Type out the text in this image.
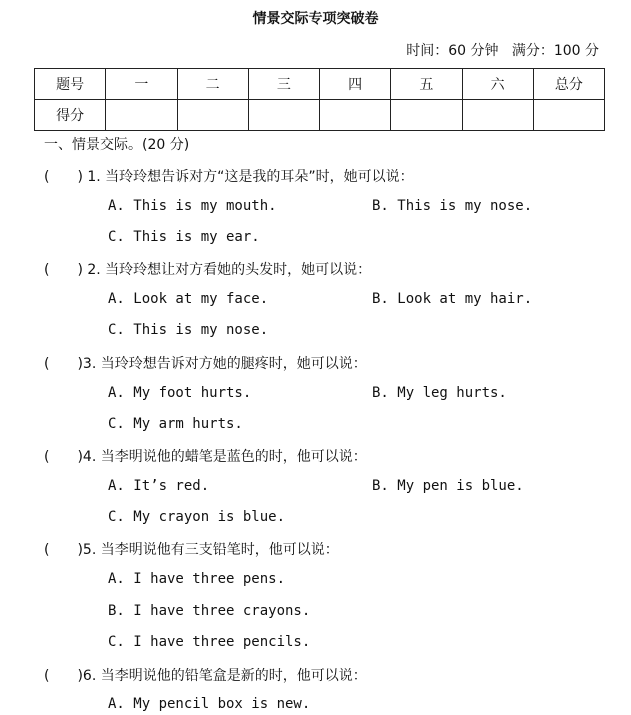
情景交际专项突破卷
时间：60 分钟 满分：100 分
题号	一	二	三	四	五	六	总分
得分							
一、情景交际。(20 分)
(　　) 1. 当玲玲想告诉对方“这是我的耳朵”时，她可以说：
A. This is my mouth.	B. This is my nose.
C. This is my ear.
(　　) 2. 当玲玲想让对方看她的头发时，她可以说：
A. Look at my face.	B. Look at my hair.
C. This is my nose.
(　　)3. 当玲玲想告诉对方她的腿疼时，她可以说：
A. My foot hurts.	B. My leg hurts.
C. My arm hurts.
(　　)4. 当李明说他的蜡笔是蓝色的时，他可以说：
A. It’s red.	B. My pen is blue.
C. My crayon is blue.
(　　)5. 当李明说他有三支铅笔时，他可以说：
A. I have three pens.
B. I have three crayons.
C. I have three pencils.
(　　)6. 当李明说他的铅笔盒是新的时，他可以说：
A. My pencil box is new.
